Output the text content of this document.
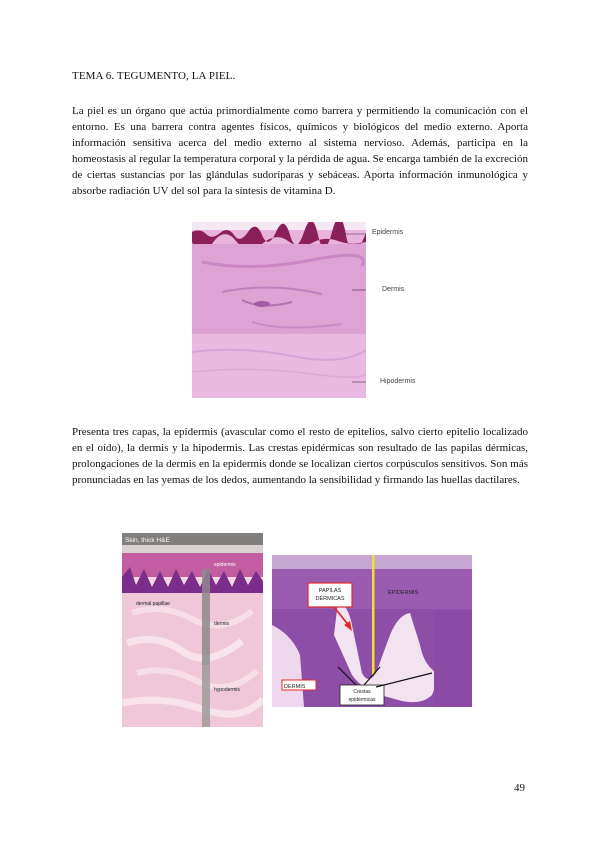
TEMA 6. TEGUMENTO, LA PIEL.
La piel es un órgano que actúa primordialmente como barrera y permitiendo la comunicación con el entorno. Es una barrera contra agentes físicos, químicos y biológicos del medio externo. Aporta información sensitiva acerca del medio externo al sistema nervioso. Además, participa en la homeostasis al regular la temperatura corporal y la pérdida de agua. Se encarga también de la excreción de ciertas sustancias por las glándulas sudoríparas y sebáceas. Aporta información inmunológica y absorbe radiación UV del sol para la síntesis de vitamina D.
Epidermis
Dermis
Hipodermis
Presenta tres capas, la epidermis (avascular como el resto de epitelios, salvo cierto epitelio localizado en el oído), la dermis y la hipodermis. Las crestas epidérmicas son resultado de las papilas dérmicas, prolongaciones de la dermis en la epidermis donde se localizan ciertos corpúsculos sensitivos. Son más pronunciadas en las yemas de los dedos, aumentando la sensibilidad y firmando las huellas dactilares.
Skin, thick H&E
epidermis
dermal papillae
dermis
hypodermis
PAPILAS
DÉRMICAS
EPIDERMIS
DERMIS
Crestas
epidérmicas
49
